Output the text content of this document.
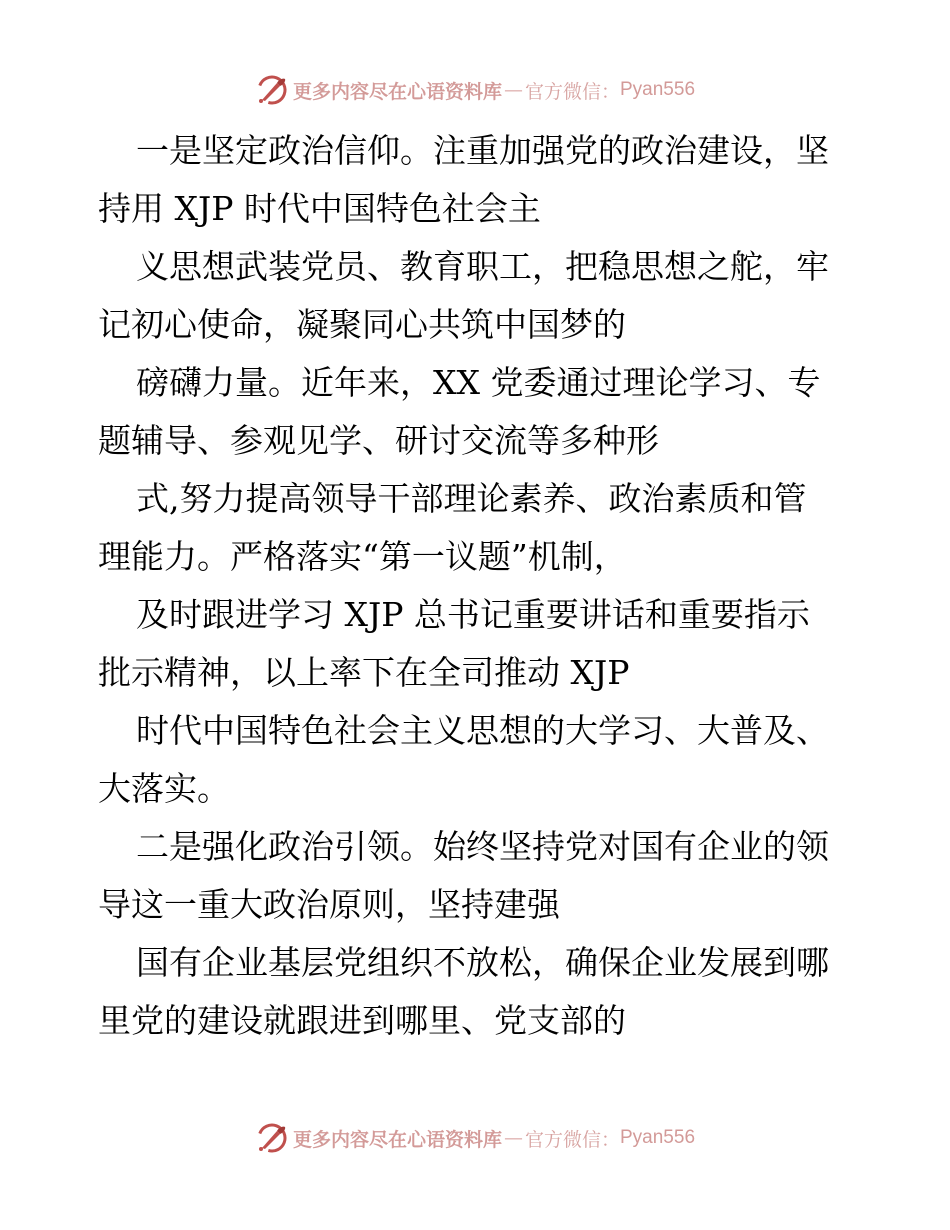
更多内容尽在心语资料库 — 官方微信： Pyan556
一是坚定政治信仰。注重加强党的政治建设，坚
持用 XJP 时代中国特色社会主
义思想武装党员、教育职工，把稳思想之舵，牢
记初心使命，凝聚同心共筑中国梦的
磅礴力量。近年来，XX 党委通过理论学习、专
题辅导、参观见学、研讨交流等多种形
式,努力提高领导干部理论素养、政治素质和管
理能力。严格落实“第一议题”机制，
及时跟进学习 XJP 总书记重要讲话和重要指示
批示精神，以上率下在全司推动 XJP
时代中国特色社会主义思想的大学习、大普及、
大落实。
二是强化政治引领。始终坚持党对国有企业的领
导这一重大政治原则，坚持建强
国有企业基层党组织不放松，确保企业发展到哪
里党的建设就跟进到哪里、党支部的
更多内容尽在心语资料库 — 官方微信： Pyan556
